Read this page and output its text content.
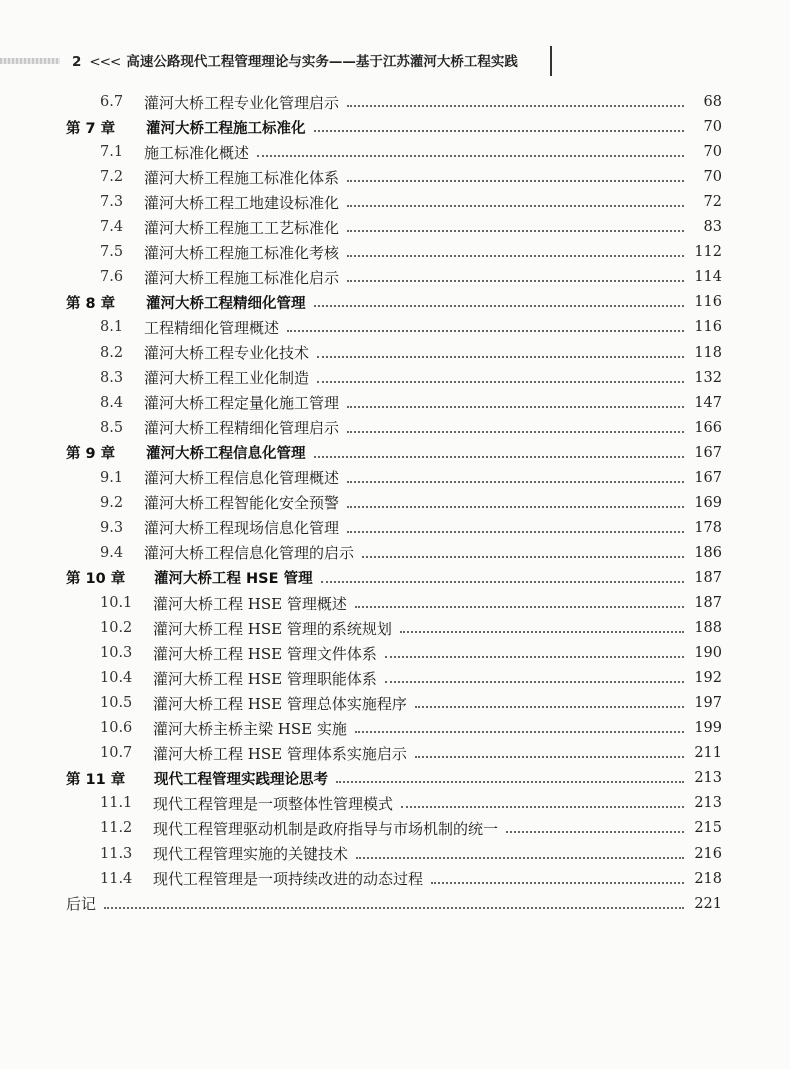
2 <<< 高速公路现代工程管理理论与实务——基于江苏灌河大桥工程实践
6.7	灌河大桥工程专业化管理启示	68
第 7 章	灌河大桥工程施工标准化	70
7.1	施工标准化概述	70
7.2	灌河大桥工程施工标准化体系	70
7.3	灌河大桥工程工地建设标准化	72
7.4	灌河大桥工程施工工艺标准化	83
7.5	灌河大桥工程施工标准化考核	112
7.6	灌河大桥工程施工标准化启示	114
第 8 章	灌河大桥工程精细化管理	116
8.1	工程精细化管理概述	116
8.2	灌河大桥工程专业化技术	118
8.3	灌河大桥工程工业化制造	132
8.4	灌河大桥工程定量化施工管理	147
8.5	灌河大桥工程精细化管理启示	166
第 9 章	灌河大桥工程信息化管理	167
9.1	灌河大桥工程信息化管理概述	167
9.2	灌河大桥工程智能化安全预警	169
9.3	灌河大桥工程现场信息化管理	178
9.4	灌河大桥工程信息化管理的启示	186
第 10 章	灌河大桥工程 HSE 管理	187
10.1	灌河大桥工程 HSE 管理概述	187
10.2	灌河大桥工程 HSE 管理的系统规划	188
10.3	灌河大桥工程 HSE 管理文件体系	190
10.4	灌河大桥工程 HSE 管理职能体系	192
10.5	灌河大桥工程 HSE 管理总体实施程序	197
10.6	灌河大桥主桥主梁 HSE 实施	199
10.7	灌河大桥工程 HSE 管理体系实施启示	211
第 11 章	现代工程管理实践理论思考	213
11.1	现代工程管理是一项整体性管理模式	213
11.2	现代工程管理驱动机制是政府指导与市场机制的统一	215
11.3	现代工程管理实施的关键技术	216
11.4	现代工程管理是一项持续改进的动态过程	218
后记	221
